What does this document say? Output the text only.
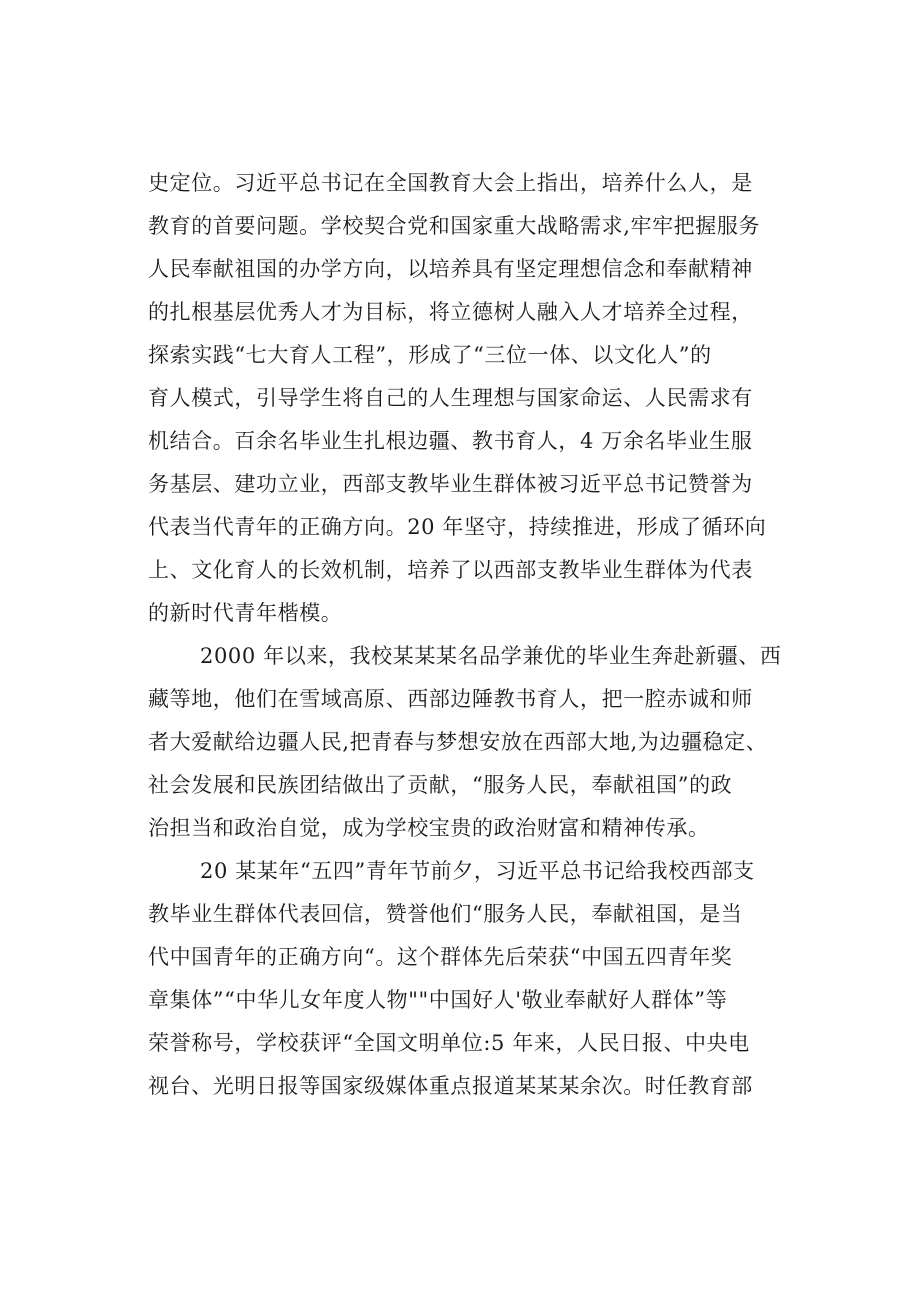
史定位。习近平总书记在全国教育大会上指出，培养什么人，是
教育的首要问题。学校契合党和国家重大战略需求,牢牢把握服务
人民奉献祖国的办学方向，以培养具有坚定理想信念和奉献精神
的扎根基层优秀人才为目标，将立德树人融入人才培养全过程，
探索实践“七大育人工程”，形成了“三位一体、以文化人”的
育人模式，引导学生将自己的人生理想与国家命运、人民需求有
机结合。百余名毕业生扎根边疆、教书育人，4 万余名毕业生服
务基层、建功立业，西部支教毕业生群体被习近平总书记赞誉为
代表当代青年的正确方向。20 年坚守，持续推进，形成了循环向
上、文化育人的长效机制，培养了以西部支教毕业生群体为代表
的新时代青年楷模。
2000 年以来，我校某某某名品学兼优的毕业生奔赴新疆、西
藏等地，他们在雪域高原、西部边陲教书育人，把一腔赤诚和师
者大爱献给边疆人民,把青春与梦想安放在西部大地,为边疆稳定、
社会发展和民族团结做出了贡献，“服务人民，奉献祖国”的政
治担当和政治自觉，成为学校宝贵的政治财富和精神传承。
20 某某年“五四”青年节前夕，习近平总书记给我校西部支
教毕业生群体代表回信，赞誉他们“服务人民，奉献祖国，是当
代中国青年的正确方向“。这个群体先后荣获“中国五四青年奖
章集体”“中华儿女年度人物""中国好人'敬业奉献好人群体”等
荣誉称号，学校获评“全国文明单位:5 年来，人民日报、中央电
视台、光明日报等国家级媒体重点报道某某某余次。时任教育部
